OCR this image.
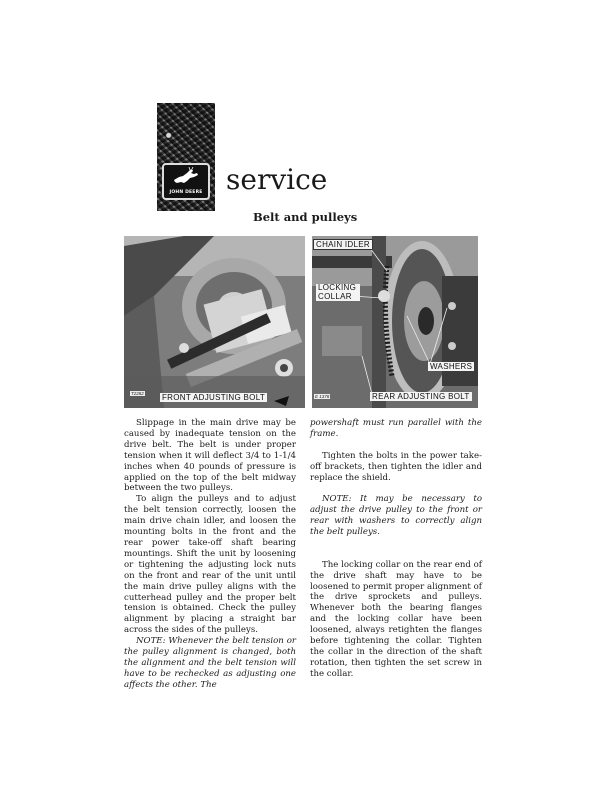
JOHN DEERE service
Belt and pulleys
T2282 FRONT ADJUSTING BOLT
CHAIN IDLER
LOCKING COLLAR
WASHERS
E 1378	REAR ADJUSTING BOLT

Slippage in the main drive may be caused by inadequate tension on the drive belt. The belt is under proper tension when it will deflect 3/4 to 1-1/4 inches when 40 pounds of pressure is applied on the top of the belt midway between the two pulleys.

To align the pulleys and to adjust the belt tension correctly, loosen the main drive chain idler, and loosen the mounting bolts in the front and the rear power take-off shaft bearing mountings. Shift the unit by loosening or tightening the adjusting lock nuts on the front and rear of the unit until the main drive pulley aligns with the cutterhead pulley and the proper belt tension is obtained. Check the pulley alignment by placing a straight bar across the sides of the pulleys.

NOTE: Whenever the belt tension or the pulley alignment is changed, both the alignment and the belt tension will have to be rechecked as adjusting one affects the other. The

powershaft must run parallel with the frame.

Tighten the bolts in the power take-off brackets, then tighten the idler and replace the shield.

NOTE: It may be necessary to adjust the drive pulley to the front or rear with washers to correctly align the belt pulleys.

The locking collar on the rear end of the drive shaft may have to be loosened to permit proper alignment of the drive sprockets and pulleys. Whenever both the bearing flanges and the locking collar have been loosened, always retighten the flanges before tightening the collar. Tighten the collar in the direction of the shaft rotation, then tighten the set screw in the collar.
